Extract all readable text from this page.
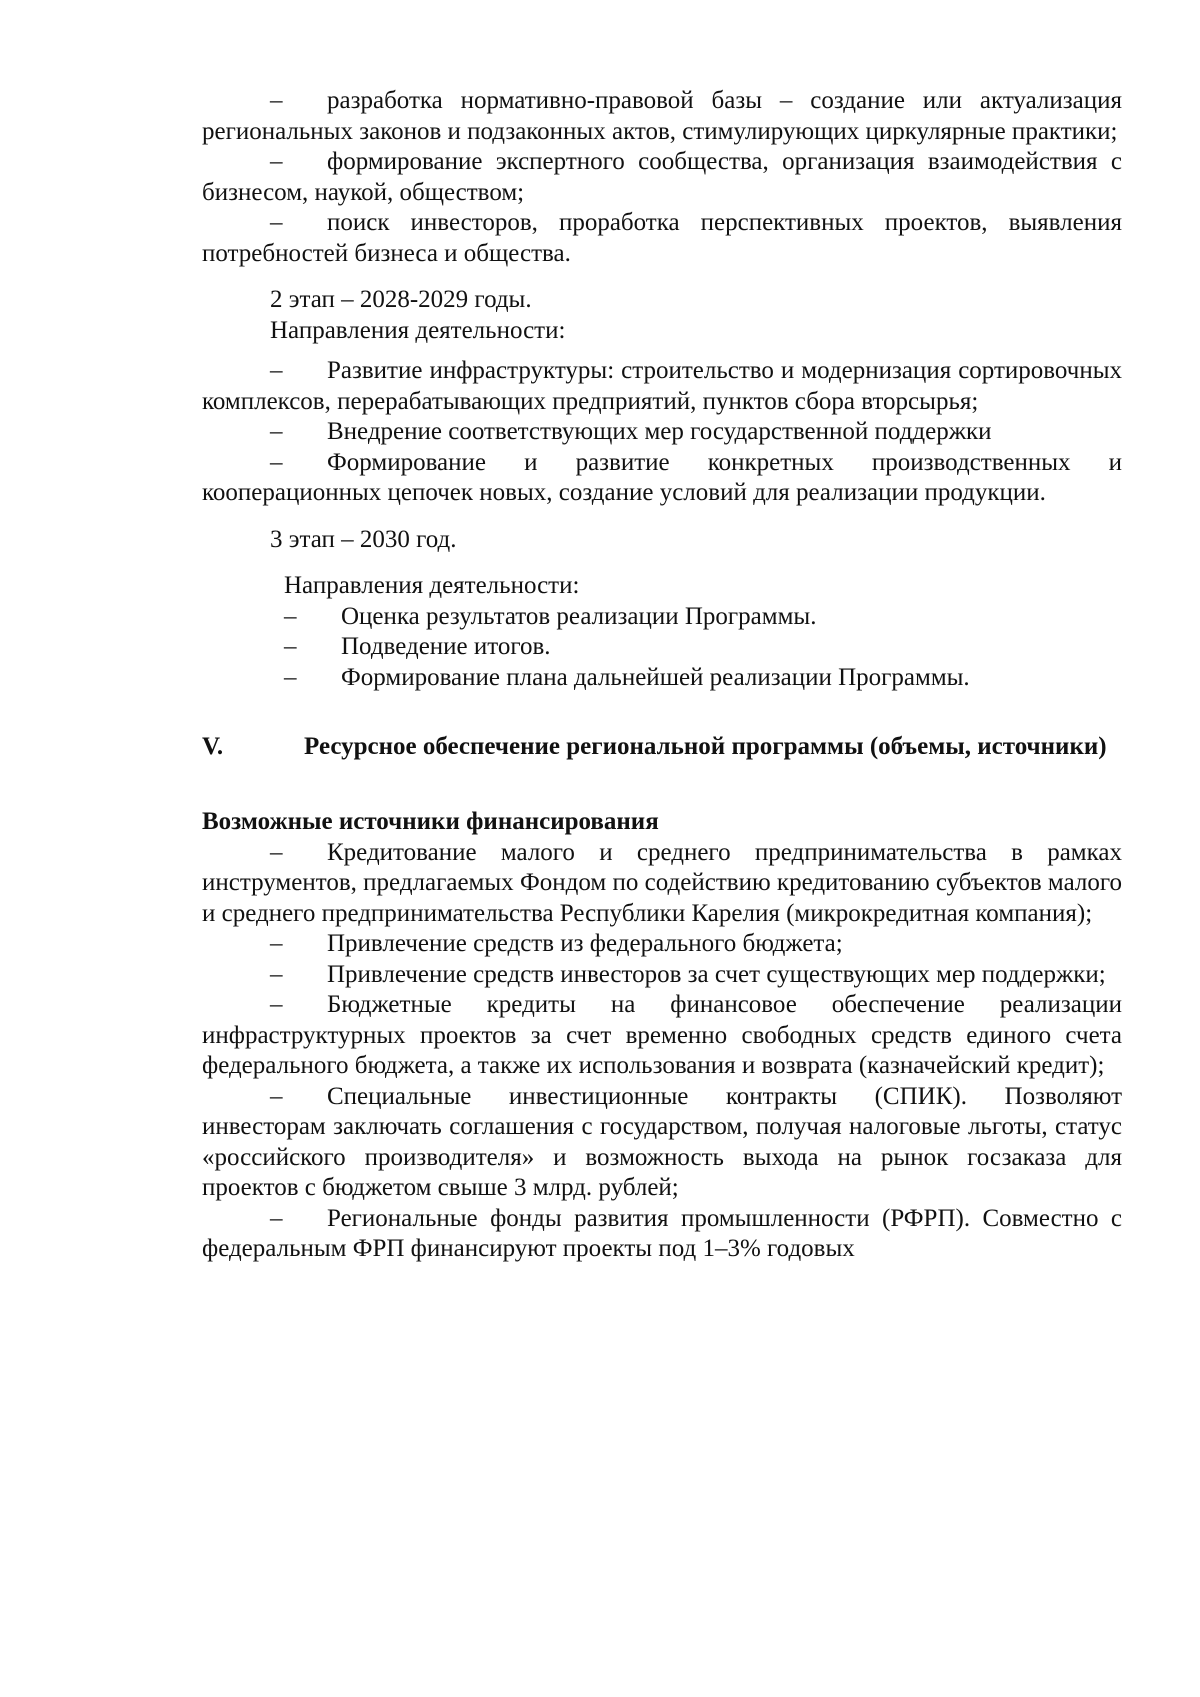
– разработка нормативно-правовой базы – создание или актуализация региональных законов и подзаконных актов, стимулирующих циркулярные практики;

– формирование экспертного сообщества, организация взаимодействия с бизнесом, наукой, обществом;

– поиск инвесторов, проработка перспективных проектов, выявления потребностей бизнеса и общества.

2 этап – 2028-2029 годы.

Направления деятельности:

– Развитие инфраструктуры: строительство и модернизация сортировочных комплексов, перерабатывающих предприятий, пунктов сбора вторсырья;

– Внедрение соответствующих мер государственной поддержки

– Формирование и развитие конкретных производственных и кооперационных цепочек новых, создание условий для реализации продукции.

3 этап – 2030 год.

Направления деятельности:

– Оценка результатов реализации Программы.

– Подведение итогов.

– Формирование плана дальнейшей реализации Программы.

V.	Ресурсное обеспечение региональной программы (объемы, источники)

Возможные источники финансирования

– Кредитование малого и среднего предпринимательства в рамках инструментов, предлагаемых Фондом по содействию кредитованию субъектов малого и среднего предпринимательства Республики Карелия (микрокредитная компания);

– Привлечение средств из федерального бюджета;

– Привлечение средств инвесторов за счет существующих мер поддержки;

– Бюджетные кредиты на финансовое обеспечение реализации инфраструктурных проектов за счет временно свободных средств единого счета федерального бюджета, а также их использования и возврата (казначейский кредит);

– Специальные инвестиционные контракты (СПИК). Позволяют инвесторам заключать соглашения с государством, получая налоговые льготы, статус «российского производителя» и возможность выхода на рынок госзаказа для проектов с бюджетом свыше 3 млрд. рублей;

– Региональные фонды развития промышленности (РФРП). Совместно с федеральным ФРП финансируют проекты под 1–3% годовых
